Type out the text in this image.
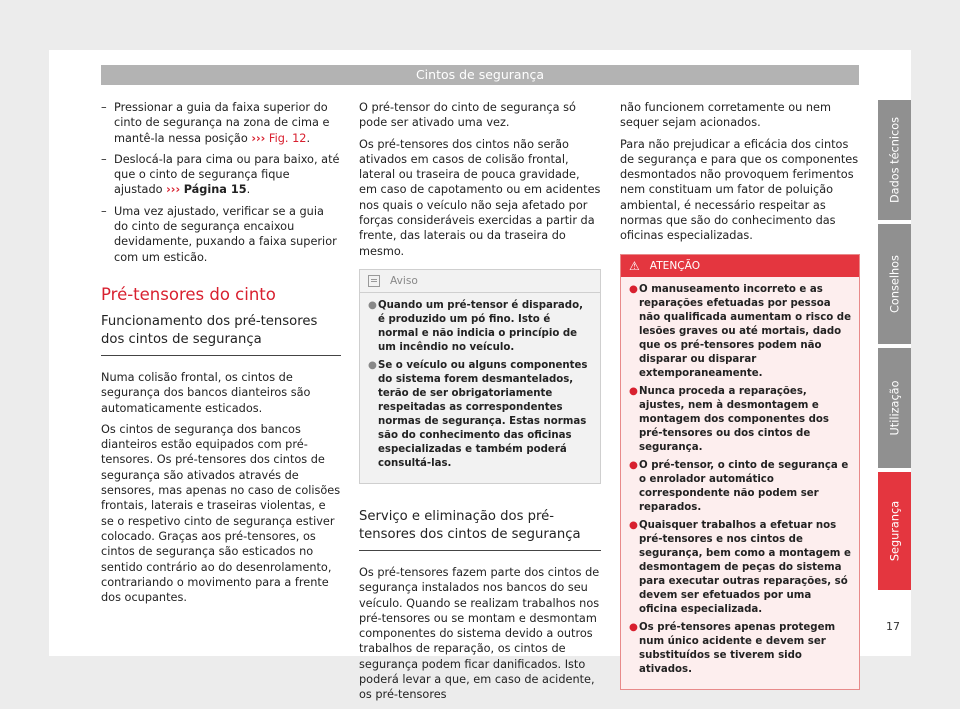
Cintos de segurança
– Pressionar a guia da faixa superior do cinto de segurança na zona de cima e mantê-la nessa posição ››› Fig. 12.
– Deslocá-la para cima ou para baixo, até que o cinto de segurança fique ajustado ››› Página 15.
– Uma vez ajustado, verificar se a guia do cinto de segurança encaixou devidamente, puxando a faixa superior com um esticão.
Pré-tensores do cinto
Funcionamento dos pré-tensores dos cintos de segurança

Numa colisão frontal, os cintos de segurança dos bancos dianteiros são automaticamente esticados.

Os cintos de segurança dos bancos dianteiros estão equipados com pré-tensores. Os pré-tensores dos cintos de segurança são ativados através de sensores, mas apenas no caso de colisões frontais, laterais e traseiras violentas, e se o respetivo cinto de segurança estiver colocado. Graças aos pré-tensores, os cintos de segurança são esticados no sentido contrário ao do desenrolamento, contrariando o movimento para a frente dos ocupantes.

O pré-tensor do cinto de segurança só pode ser ativado uma vez.

Os pré-tensores dos cintos não serão ativados em casos de colisão frontal, lateral ou traseira de pouca gravidade, em caso de capotamento ou em acidentes nos quais o veículo não seja afetado por forças consideráveis exercidas a partir da frente, das laterais ou da traseira do mesmo.

Aviso
● Quando um pré-tensor é disparado, é produzido um pó fino. Isto é normal e não indicia o princípio de um incêndio no veículo.
● Se o veículo ou alguns componentes do sistema forem desmantelados, terão de ser obrigatoriamente respeitadas as correspondentes normas de segurança. Estas normas são do conhecimento das oficinas especializadas e também poderá consultá-las.
Serviço e eliminação dos pré-tensores dos cintos de segurança

Os pré-tensores fazem parte dos cintos de segurança instalados nos bancos do seu veículo. Quando se realizam trabalhos nos pré-tensores ou se montam e desmontam componentes do sistema devido a outros trabalhos de reparação, os cintos de segurança podem ficar danificados. Isto poderá levar a que, em caso de acidente, os pré-tensores

não funcionem corretamente ou nem sequer sejam acionados.

Para não prejudicar a eficácia dos cintos de segurança e para que os componentes desmontados não provoquem ferimentos nem constituam um fator de poluição ambiental, é necessário respeitar as normas que são do conhecimento das oficinas especializadas.

⚠ ATENÇÃO
● O manuseamento incorreto e as reparações efetuadas por pessoa não qualificada aumentam o risco de lesões graves ou até mortais, dado que os pré-tensores podem não disparar ou disparar extemporaneamente.
● Nunca proceda a reparações, ajustes, nem à desmontagem e montagem dos componentes dos pré-tensores ou dos cintos de segurança.
● O pré-tensor, o cinto de segurança e o enrolador automático correspondente não podem ser reparados.
● Quaisquer trabalhos a efetuar nos pré-tensores e nos cintos de segurança, bem como a montagem e desmontagem de peças do sistema para executar outras reparações, só devem ser efetuados por uma oficina especializada.
● Os pré-tensores apenas protegem num único acidente e devem ser substituídos se tiverem sido ativados.
Dados técnicos
Conselhos
Utilização
Segurança
17
